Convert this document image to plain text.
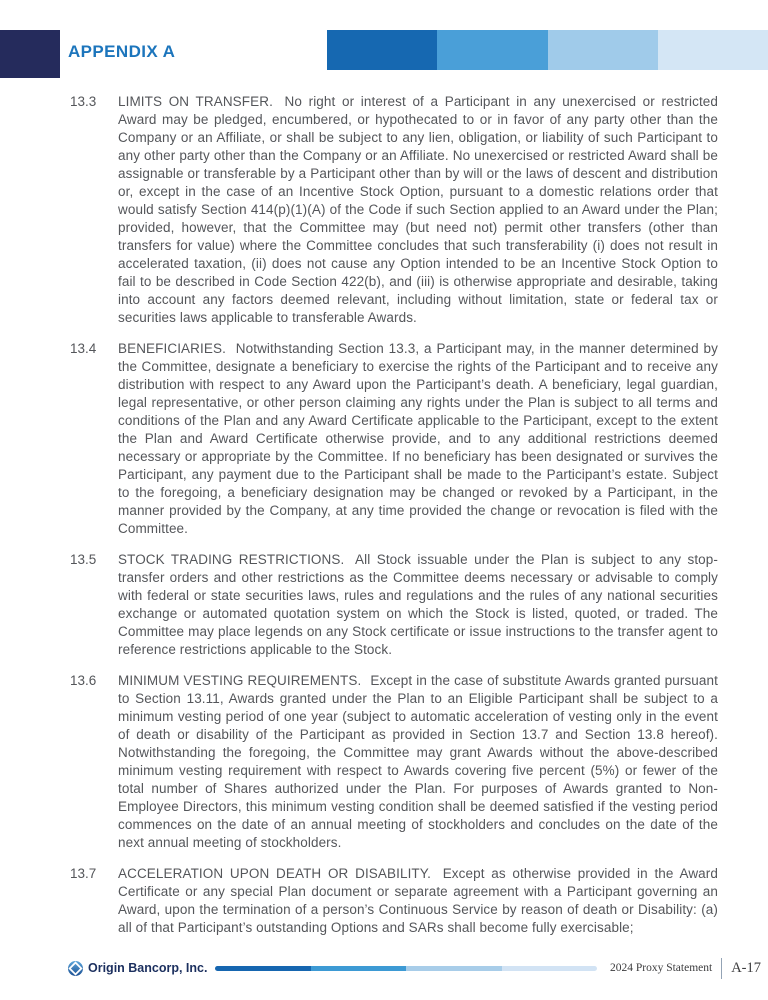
APPENDIX A
13.3	LIMITS ON TRANSFER. No right or interest of a Participant in any unexercised or restricted Award may be pledged, encumbered, or hypothecated to or in favor of any party other than the Company or an Affiliate, or shall be subject to any lien, obligation, or liability of such Participant to any other party other than the Company or an Affiliate. No unexercised or restricted Award shall be assignable or transferable by a Participant other than by will or the laws of descent and distribution or, except in the case of an Incentive Stock Option, pursuant to a domestic relations order that would satisfy Section 414(p)(1)(A) of the Code if such Section applied to an Award under the Plan; provided, however, that the Committee may (but need not) permit other transfers (other than transfers for value) where the Committee concludes that such transferability (i) does not result in accelerated taxation, (ii) does not cause any Option intended to be an Incentive Stock Option to fail to be described in Code Section 422(b), and (iii) is otherwise appropriate and desirable, taking into account any factors deemed relevant, including without limitation, state or federal tax or securities laws applicable to transferable Awards.

13.4	BENEFICIARIES. Notwithstanding Section 13.3, a Participant may, in the manner determined by the Committee, designate a beneficiary to exercise the rights of the Participant and to receive any distribution with respect to any Award upon the Participant’s death. A beneficiary, legal guardian, legal representative, or other person claiming any rights under the Plan is subject to all terms and conditions of the Plan and any Award Certificate applicable to the Participant, except to the extent the Plan and Award Certificate otherwise provide, and to any additional restrictions deemed necessary or appropriate by the Committee. If no beneficiary has been designated or survives the Participant, any payment due to the Participant shall be made to the Participant’s estate. Subject to the foregoing, a beneficiary designation may be changed or revoked by a Participant, in the manner provided by the Company, at any time provided the change or revocation is filed with the Committee.

13.5	STOCK TRADING RESTRICTIONS. All Stock issuable under the Plan is subject to any stop-transfer orders and other restrictions as the Committee deems necessary or advisable to comply with federal or state securities laws, rules and regulations and the rules of any national securities exchange or automated quotation system on which the Stock is listed, quoted, or traded. The Committee may place legends on any Stock certificate or issue instructions to the transfer agent to reference restrictions applicable to the Stock.

13.6	MINIMUM VESTING REQUIREMENTS. Except in the case of substitute Awards granted pursuant to Section 13.11, Awards granted under the Plan to an Eligible Participant shall be subject to a minimum vesting period of one year (subject to automatic acceleration of vesting only in the event of death or disability of the Participant as provided in Section 13.7 and Section 13.8 hereof). Notwithstanding the foregoing, the Committee may grant Awards without the above-described minimum vesting requirement with respect to Awards covering five percent (5%) or fewer of the total number of Shares authorized under the Plan. For purposes of Awards granted to Non-Employee Directors, this minimum vesting condition shall be deemed satisfied if the vesting period commences on the date of an annual meeting of stockholders and concludes on the date of the next annual meeting of stockholders.

13.7	ACCELERATION UPON DEATH OR DISABILITY. Except as otherwise provided in the Award Certificate or any special Plan document or separate agreement with a Participant governing an Award, upon the termination of a person’s Continuous Service by reason of death or Disability: (a) all of that Participant’s outstanding Options and SARs shall become fully exercisable;

Origin Bancorp, Inc.	2024 Proxy Statement A-17
